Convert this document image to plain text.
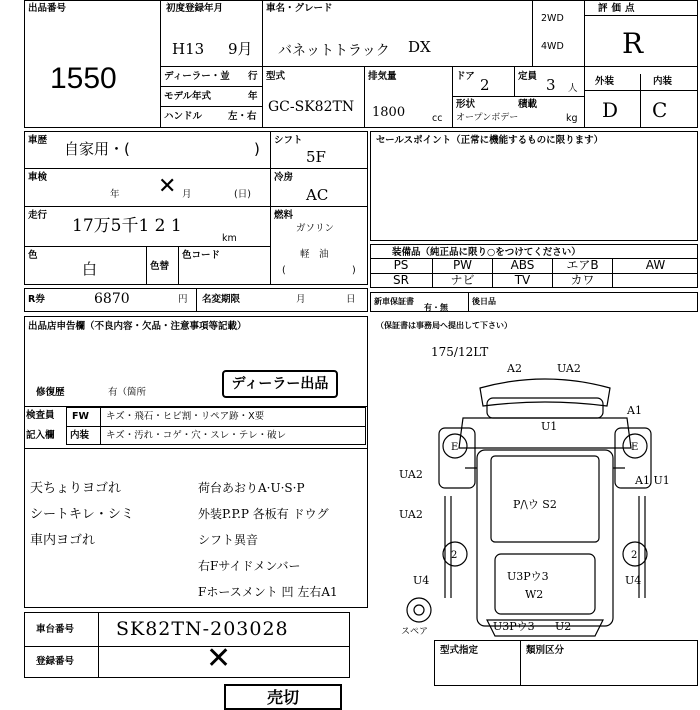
出品番号
1550
初度登録年月
H13 9月
車名・グレード
バネットトラック DX
2WD
4WD
評価点
R
外装	内装
D C
ディーラー・並 行
モデル年式	年
ハンドル	左・右
型式
GC-SK82TN
排気量
1800	cc
ドア 2	定員 3 人
形状
オープンボデー
積載
kg
車歴 自家用・(	) シフト
5F
車検
年	月	(日)
✕	冷房
AC
走行
17万5千1 2 1
km
燃料
ガソリン
軽　油
(	)
色
白	色替
色コード
セールスポイント（正常に機能するものに限ります）
装備品（純正品に限り○をつけてください）
PS	PW	ABS	エアB	AW
SR	ナビ	TV	カワ
R券	6870	円 名変期限	月	日 新車保証書
有・無
後日品
出品店申告欄（不良内容・欠品・注意事項等記載）	（保証書は事務局へ提出して下さい）
修復歴	有（箇所
ディーラー出品
検査員
記入欄
FW キズ・飛石・ヒビ割・リペア跡・X要
内装 キズ・汚れ・コゲ・穴・スレ・テレ・破レ
天ちょりヨゴれ
シートキレ・シミ
車内ヨゴれ
荷台あおりA·U·S·P
外装P.P.P 各板有 ドウグ
シフト異音
右Fサイドメンバー
Fホースメント 凹 左右A1
車台番号 SK82TN-203028
登録番号	✕	型式指定	類別区分
売切
175/12LT
A2	UA2
A1
U1
UA2	A1 U1
UA2
P/\ウ S2
U4	U3Pウ3
W2
U4
U3Pウ3 U2
E	E
2	2
スペア
